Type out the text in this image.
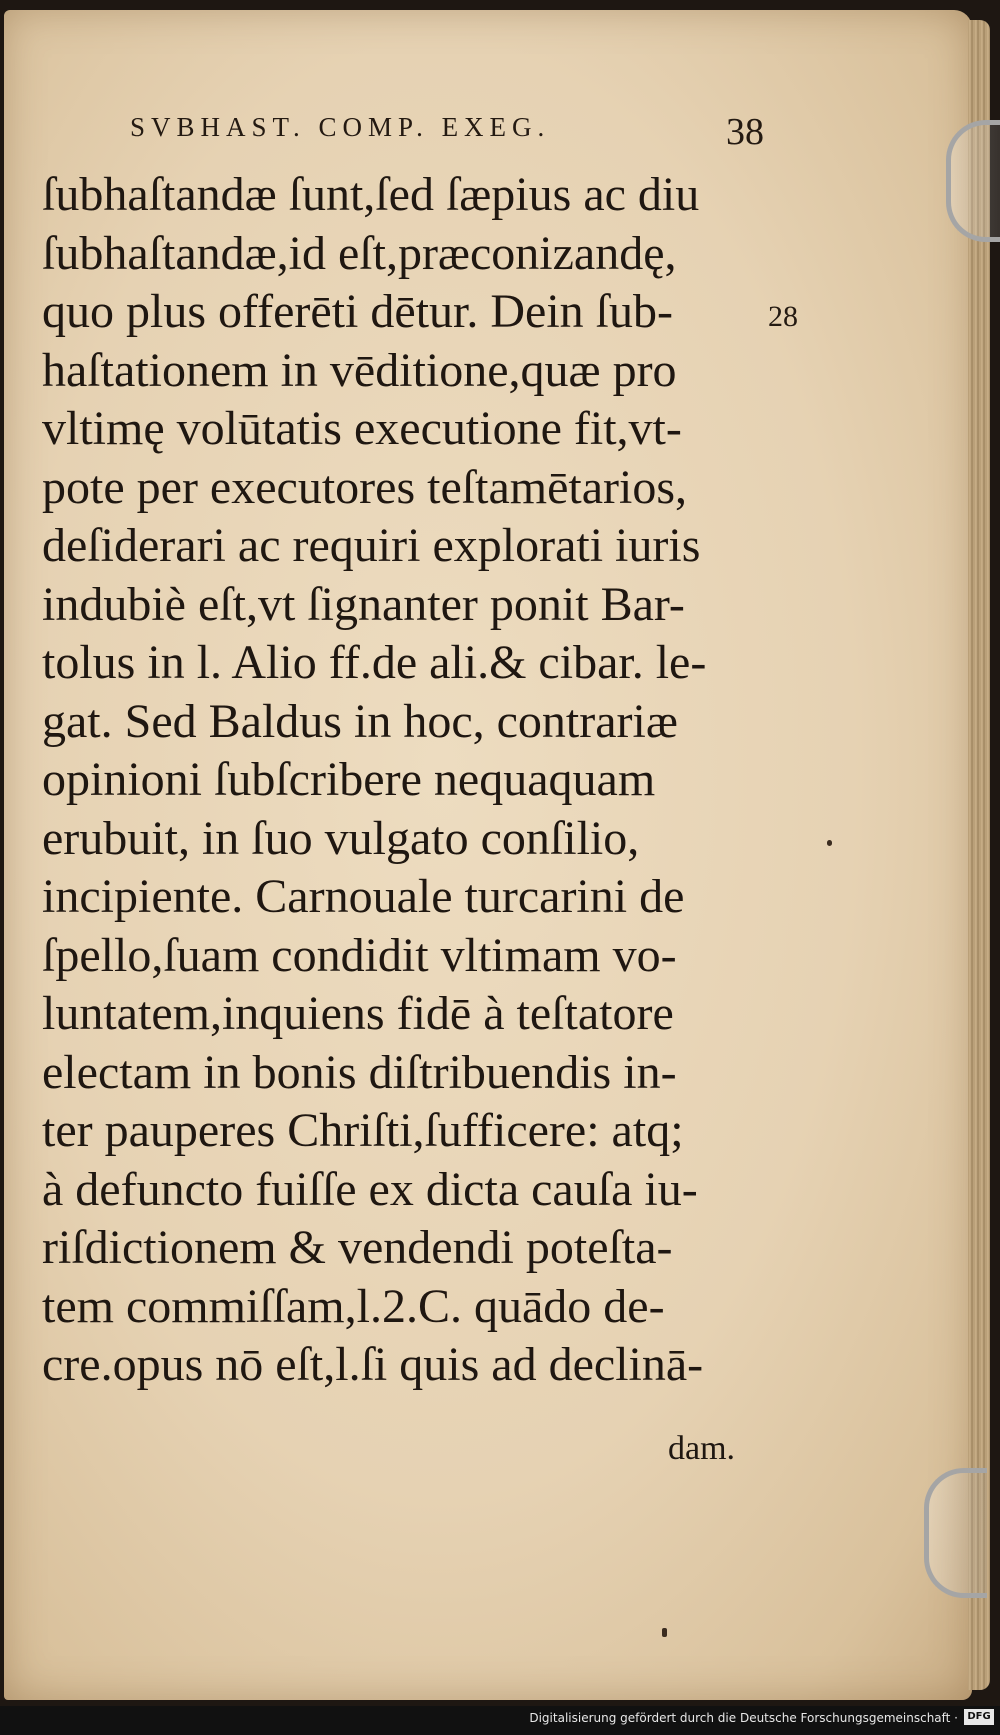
SVBHAST. COMP. EXEG.	38
28
ſubhaſtandæ ſunt,ſed ſæpius ac diu
ſubhaſtandæ,id eſt,præconizandę,
quo plus offerēti dētur. Dein ſub-
haſtationem in vēditione,quæ pro
vltimę volūtatis executione fit,vt-
pote per executores teſtamētarios,
deſiderari ac requiri explorati iuris
indubiè eſt,vt ſignanter ponit Bar-
tolus in l. Alio ff.de ali.& cibar. le-
gat. Sed Baldus in hoc, contrariæ
opinioni ſubſcribere nequaquam
erubuit, in ſuo vulgato conſilio,
incipiente. Carnouale turcarini de
ſpello,ſuam condidit vltimam vo-
luntatem,inquiens fidē à teſtatore
electam in bonis diſtribuendis in-
ter pauperes Chriſti,ſufficere: atq;
à defuncto fuiſſe ex dicta cauſa iu-
riſdictionem & vendendi poteſta-
tem commiſſam,l.2.C. quādo de-
cre.opus nō eſt,l.ſi quis ad declinā-
dam.
Digitalisierung gefördert durch die Deutsche Forschungsgemeinschaft · DFG
